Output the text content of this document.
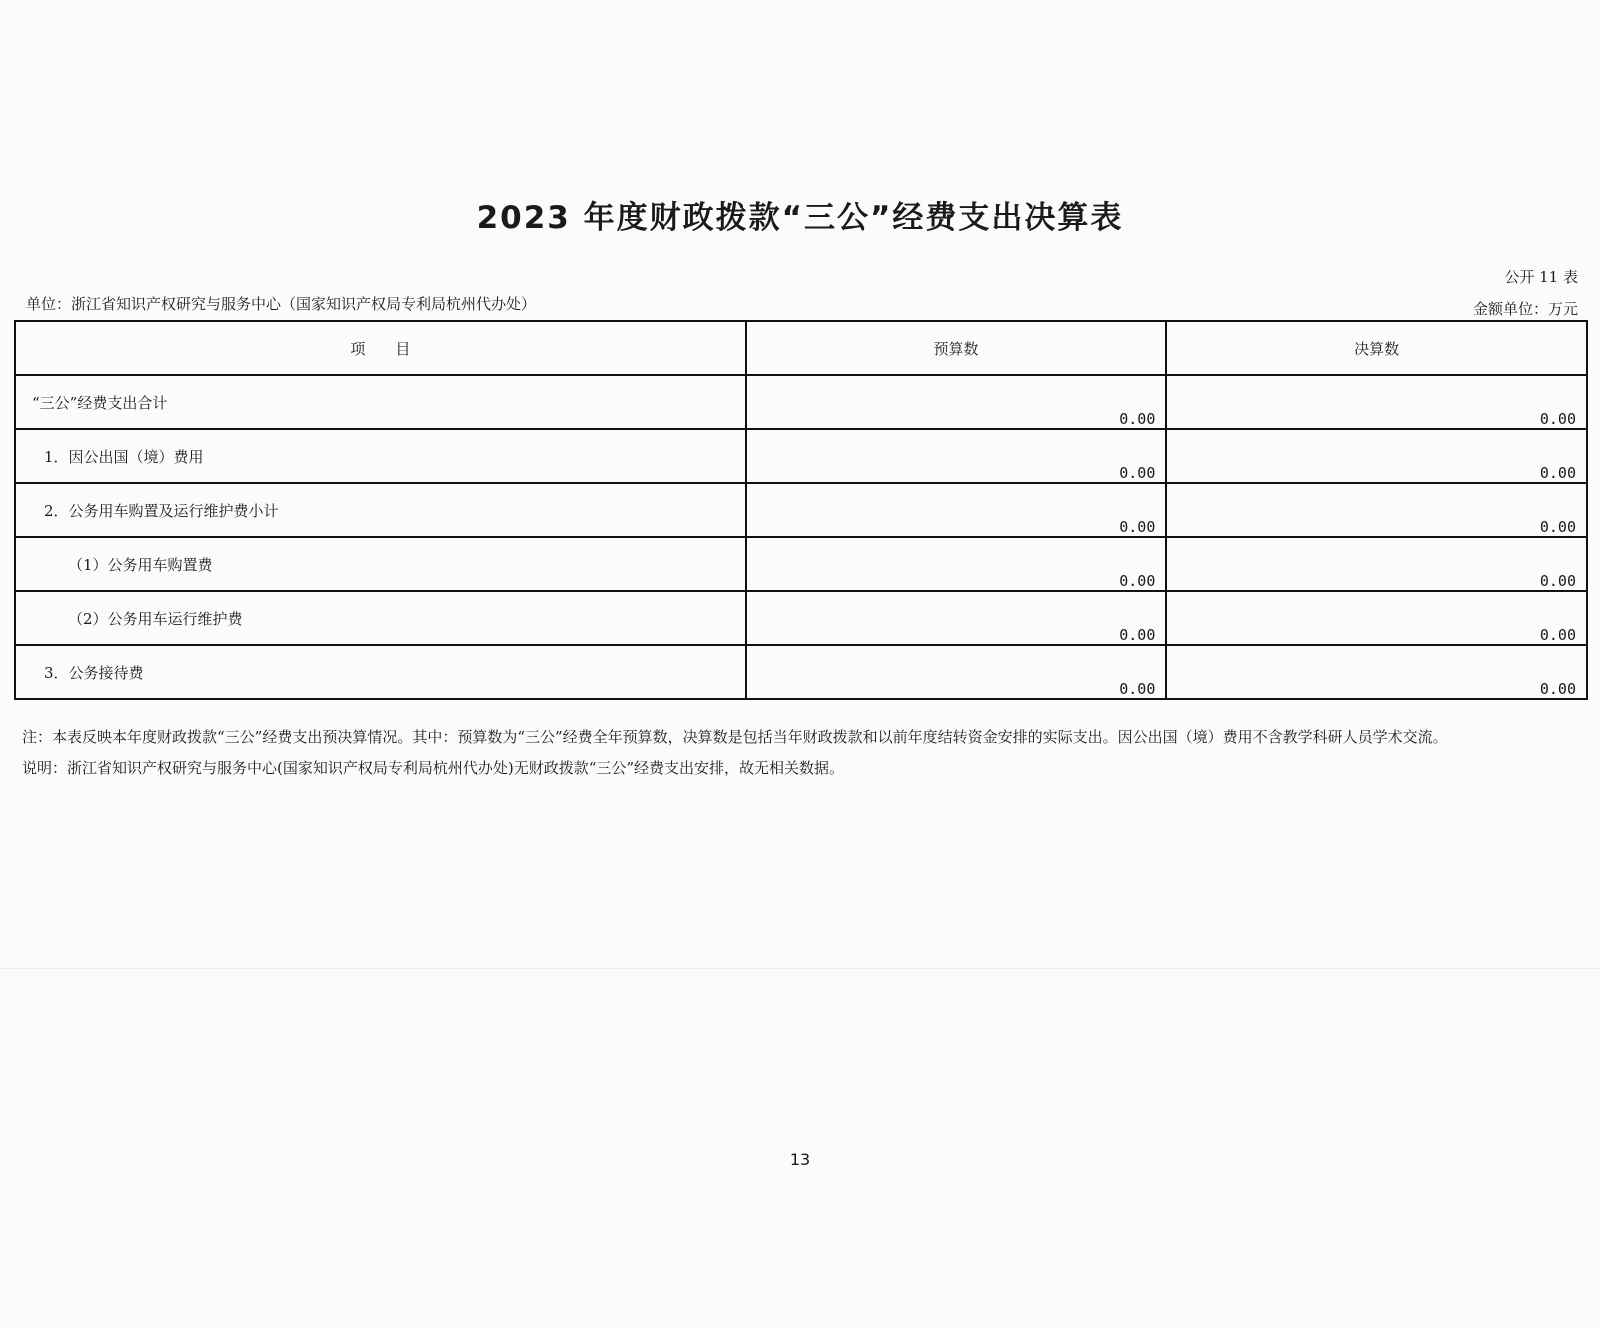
2023 年度财政拨款“三公”经费支出决算表
公开 11 表
单位：浙江省知识产权研究与服务中心（国家知识产权局专利局杭州代办处）	金额单位：万元
项　　目	预算数	决算数
“三公”经费支出合计	0.00	0.00
1．因公出国（境）费用	0.00	0.00
2．公务用车购置及运行维护费小计	0.00	0.00
（1）公务用车购置费	0.00	0.00
（2）公务用车运行维护费	0.00	0.00
3．公务接待费	0.00	0.00

注：本表反映本年度财政拨款“三公”经费支出预决算情况。其中：预算数为“三公”经费全年预算数，决算数是包括当年财政拨款和以前年度结转资金安排的实际支出。因公出国（境）费用不含教学科研人员学术交流。

说明：浙江省知识产权研究与服务中心(国家知识产权局专利局杭州代办处)无财政拨款“三公”经费支出安排，故无相关数据。

13
